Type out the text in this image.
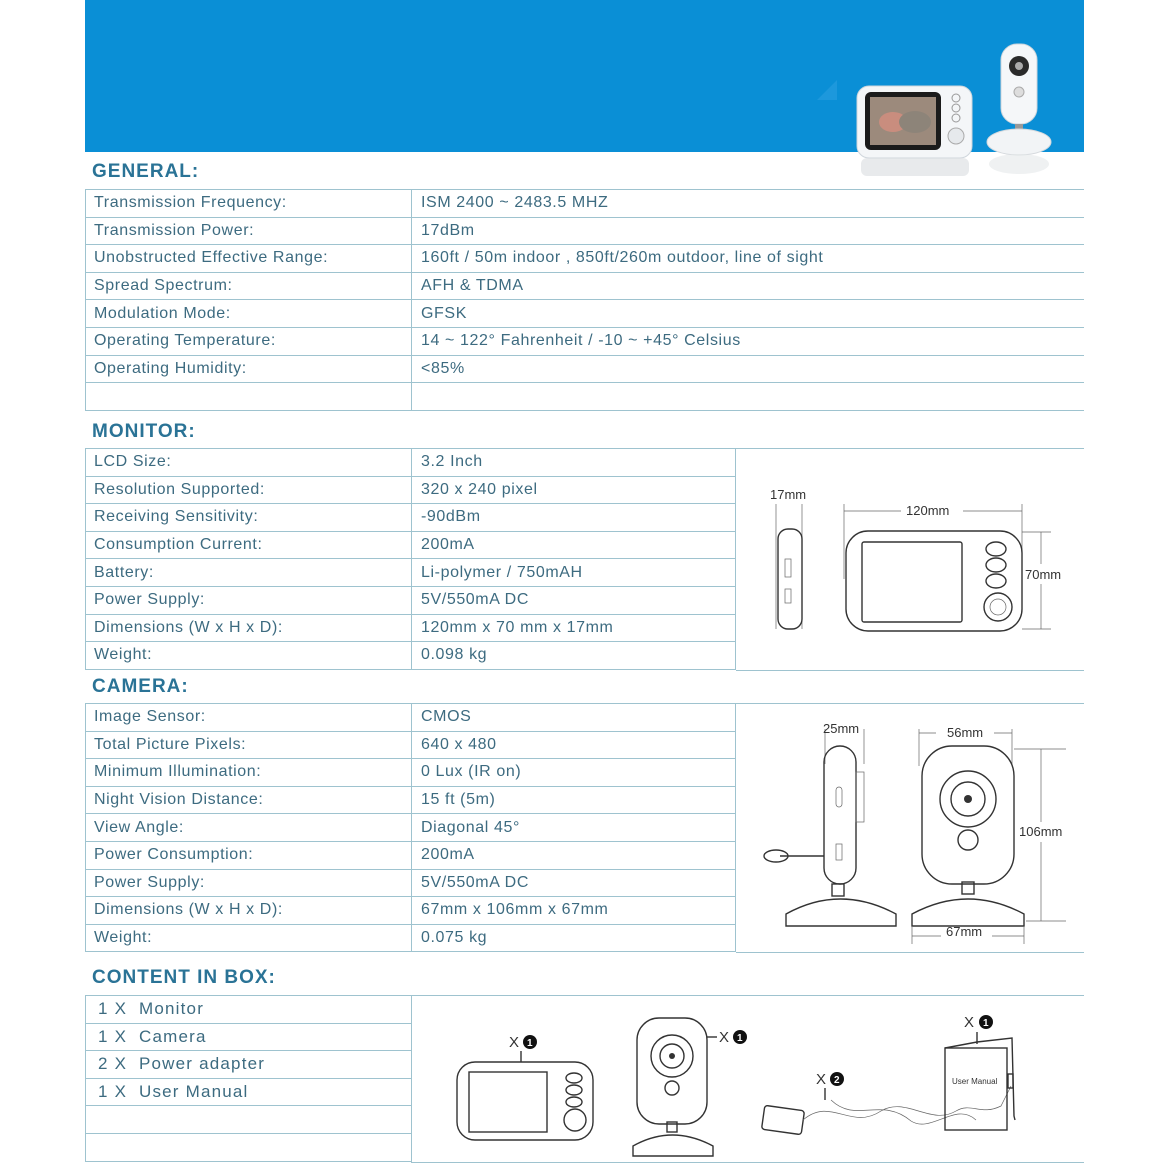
GENERAL:
Transmission Frequency:	ISM 2400 ~ 2483.5 MHZ
Transmission Power:	17dBm
Unobstructed Effective Range:	160ft / 50m indoor , 850ft/260m outdoor, line of sight
Spread Spectrum:	AFH & TDMA
Modulation Mode:	GFSK
Operating Temperature:	14 ~ 122° Fahrenheit / -10 ~ +45° Celsius
Operating Humidity:	<85%

MONITOR:
LCD Size:	3.2 Inch
Resolution Supported:	320 x 240 pixel
Receiving Sensitivity:	-90dBm
Consumption Current:	200mA
Battery:	Li-polymer / 750mAH
Power Supply:	5V/550mA DC
Dimensions (W x H x D):	120mm x 70 mm x 17mm
Weight:	0.098 kg
17mm
120mm
70mm
CAMERA:
Image Sensor:	CMOS
Total Picture Pixels:	640 x 480
Minimum Illumination:	0 Lux (IR on)
Night Vision Distance:	15 ft (5m)
View Angle:	Diagonal 45°
Power Consumption:	200mA
Power Supply:	5V/550mA DC
Dimensions (W x H x D):	67mm x 106mm x 67mm
Weight:	0.075 kg
25mm	56mm
106mm
67mm
CONTENT IN BOX:
1 X  Monitor
1 X  Camera
2 X  Power adapter
1 X  User Manual

X 1	X 1
X 2
X 1
User Manual
